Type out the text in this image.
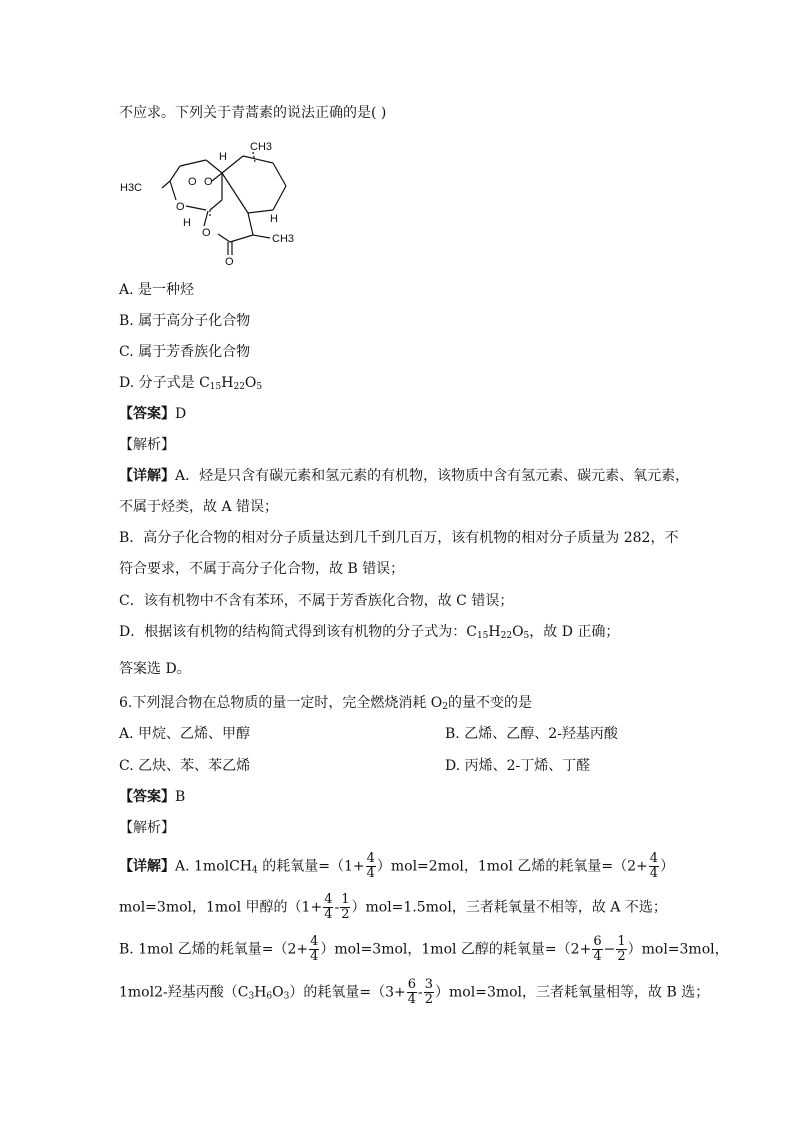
不应求。下列关于青蒿素的说法正确的是( )
CH3
H
O O
H3C
O
H
H
O	CH3
O
A. 是一种烃
B. 属于高分子化合物
C. 属于芳香族化合物
D. 分子式是 $C_{15}H_{22}O_5$
【答案】D
【解析】
【详解】A．烃是只含有碳元素和氢元素的有机物，该物质中含有氢元素、碳元素、氧元素，
不属于烃类，故 A 错误；
B．高分子化合物的相对分子质量达到几千到几百万，该有机物的相对分子质量为 282，不
符合要求，不属于高分子化合物，故 B 错误；
C．该有机物中不含有苯环，不属于芳香族化合物，故 C 错误；
D．根据该有机物的结构简式得到该有机物的分子式为：$C_{15}H_{22}O_5$，故 D 正确；
答案选 D。
6.下列混合物在总物质的量一定时，完全燃烧消耗 $O_2$的量不变的是
A. 甲烷、乙烯、甲醇	B. 乙烯、乙醇、2-羟基丙酸
C. 乙炔、苯、苯乙烯	D. 丙烯、2-丁烯、丁醛
【答案】B
【解析】
【详解】A. 1molCH$_4$ 的耗氧量$=(1+ \frac{4}{4} )mol=2mol$，1mol 乙烯的耗氧量$=(2+ \frac{4}{4}$ ）
mol=3mol，1mol 甲醇的$(1+ \frac{4}{4} - \frac{1}{2} )mol=1.5mol$，三者耗氧量不相等，故 A 不选；
B. 1mol 乙烯的耗氧量$=(2+ \frac{4}{4} )mol=3mol$，1mol 乙醇的耗氧量$=(2+ \frac{6}{4} - \frac{1}{2} )mol=3mol$，
1mol2-羟基丙酸$(C_3H_6O_3)$的耗氧量$=(3+ \frac{6}{4} - \frac{3}{2} )mol=3mol$，三者耗氧量相等，故 B 选；
